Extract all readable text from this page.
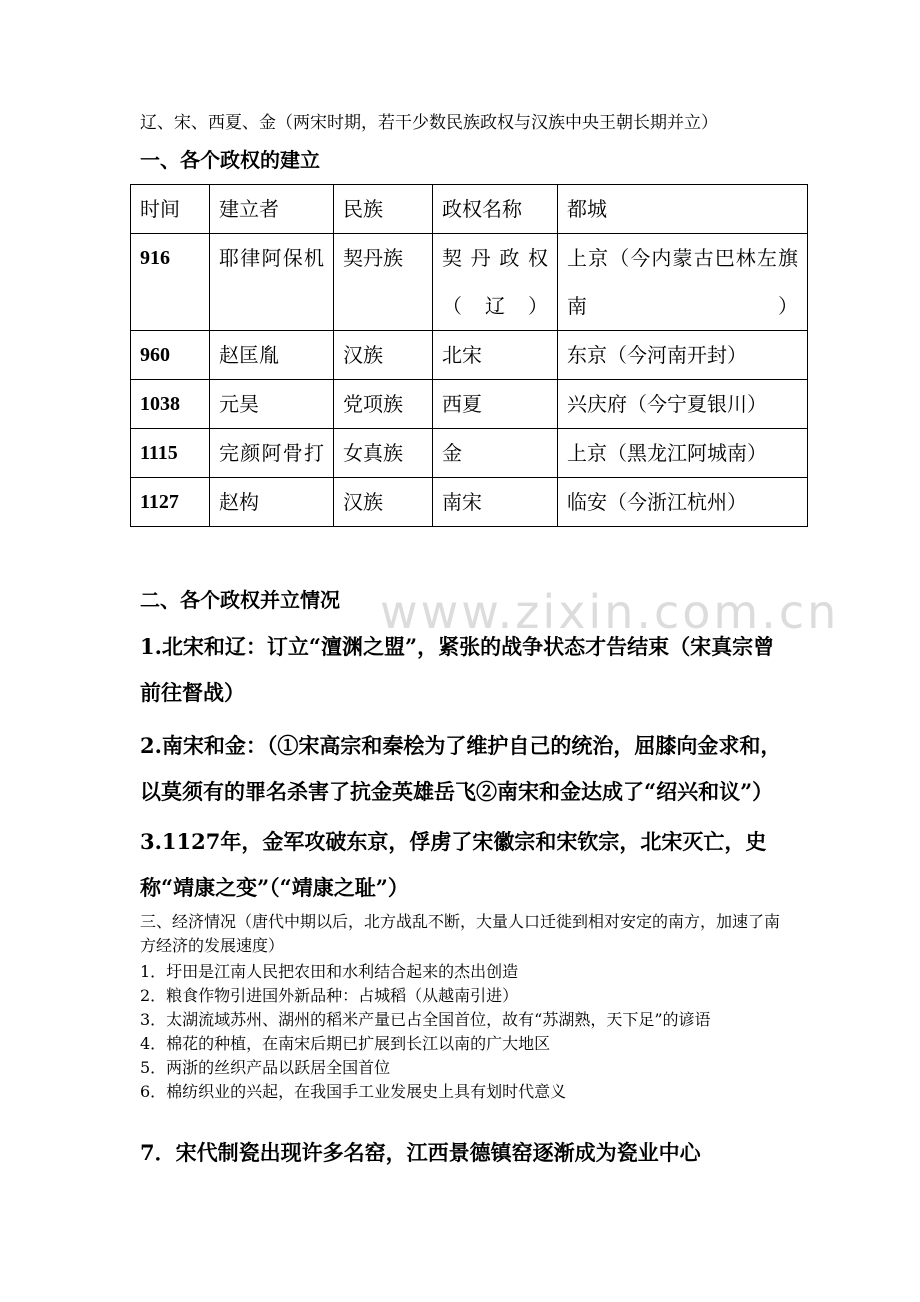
www.zixin.com.cn
辽、宋、西夏、金（两宋时期，若干少数民族政权与汉族中央王朝长期并立）
一、各个政权的建立
时间	建立者	民族	政权名称	都城
916	耶律阿保机	契丹族	契丹政权（辽）	上京（今内蒙古巴林左旗南）
960	赵匡胤	汉族	北宋	东京（今河南开封）
1038	元昊	党项族	西夏	兴庆府（今宁夏银川）
1115	完颜阿骨打	女真族	金	上京（黑龙江阿城南）
1127	赵构	汉族	南宋	临安（今浙江杭州）
二、各个政权并立情况
1.北宋和辽：订立“澶渊之盟”，紧张的战争状态才告结束（宋真宗曾前往督战）
2.南宋和金：（①宋高宗和秦桧为了维护自己的统治，屈膝向金求和，以莫须有的罪名杀害了抗金英雄岳飞②南宋和金达成了“绍兴和议”）
3.1127年，金军攻破东京，俘虏了宋徽宗和宋钦宗，北宋灭亡，史称“靖康之变”（“靖康之耻”）
三、经济情况（唐代中期以后，北方战乱不断，大量人口迁徙到相对安定的南方，加速了南方经济的发展速度）
1．圩田是江南人民把农田和水利结合起来的杰出创造
2．粮食作物引进国外新品种：占城稻（从越南引进）
3．太湖流域苏州、湖州的稻米产量已占全国首位，故有“苏湖熟，天下足”的谚语
4．棉花的种植，在南宋后期已扩展到长江以南的广大地区
5．两浙的丝织产品以跃居全国首位
6．棉纺织业的兴起，在我国手工业发展史上具有划时代意义
7．宋代制瓷出现许多名窑，江西景德镇窑逐渐成为瓷业中心
